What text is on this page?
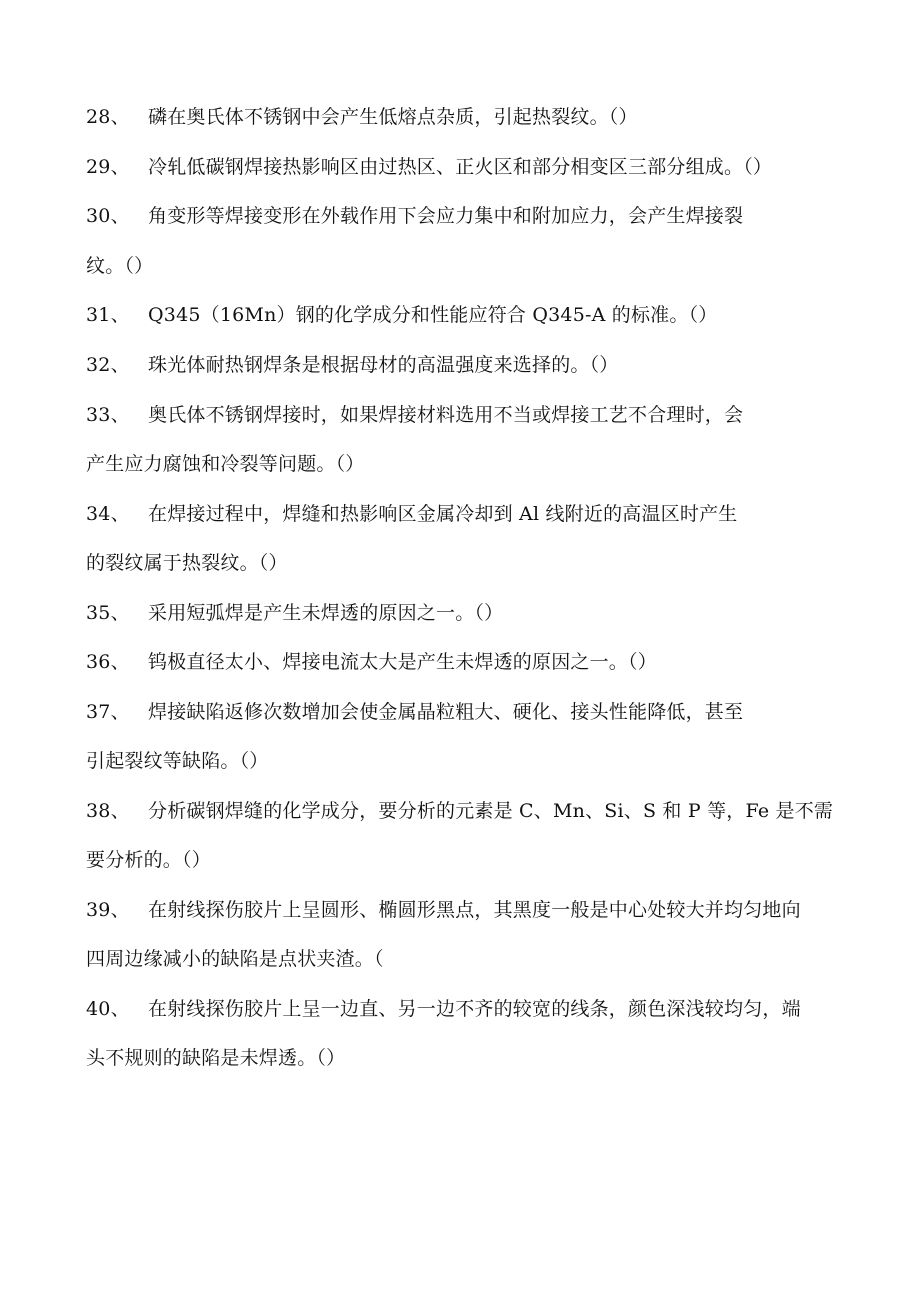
28、 磷在奥氏体不锈钢中会产生低熔点杂质，引起热裂纹。（）
29、 冷轧低碳钢焊接热影响区由过热区、正火区和部分相变区三部分组成。（）
30、 角变形等焊接变形在外载作用下会应力集中和附加应力，会产生焊接裂
纹。（）
31、 Q345（16Mn）钢的化学成分和性能应符合 Q345-A 的标准。（）
32、 珠光体耐热钢焊条是根据母材的高温强度来选择的。（）
33、 奥氏体不锈钢焊接时，如果焊接材料选用不当或焊接工艺不合理时，会
产生应力腐蚀和冷裂等问题。（）
34、 在焊接过程中，焊缝和热影响区金属冷却到 Al 线附近的高温区时产生
的裂纹属于热裂纹。（）
35、 采用短弧焊是产生未焊透的原因之一。（）
36、 钨极直径太小、焊接电流太大是产生未焊透的原因之一。（）
37、 焊接缺陷返修次数增加会使金属晶粒粗大、硬化、接头性能降低，甚至
引起裂纹等缺陷。（）
38、 分析碳钢焊缝的化学成分，要分析的元素是 C、Mn、Si、S 和 P 等，Fe 是不需
要分析的。（）
39、 在射线探伤胶片上呈圆形、椭圆形黑点，其黑度一般是中心处较大并均匀地向
四周边缘减小的缺陷是点状夹渣。（
40、 在射线探伤胶片上呈一边直、另一边不齐的较宽的线条，颜色深浅较均匀，端
头不规则的缺陷是未焊透。（）
